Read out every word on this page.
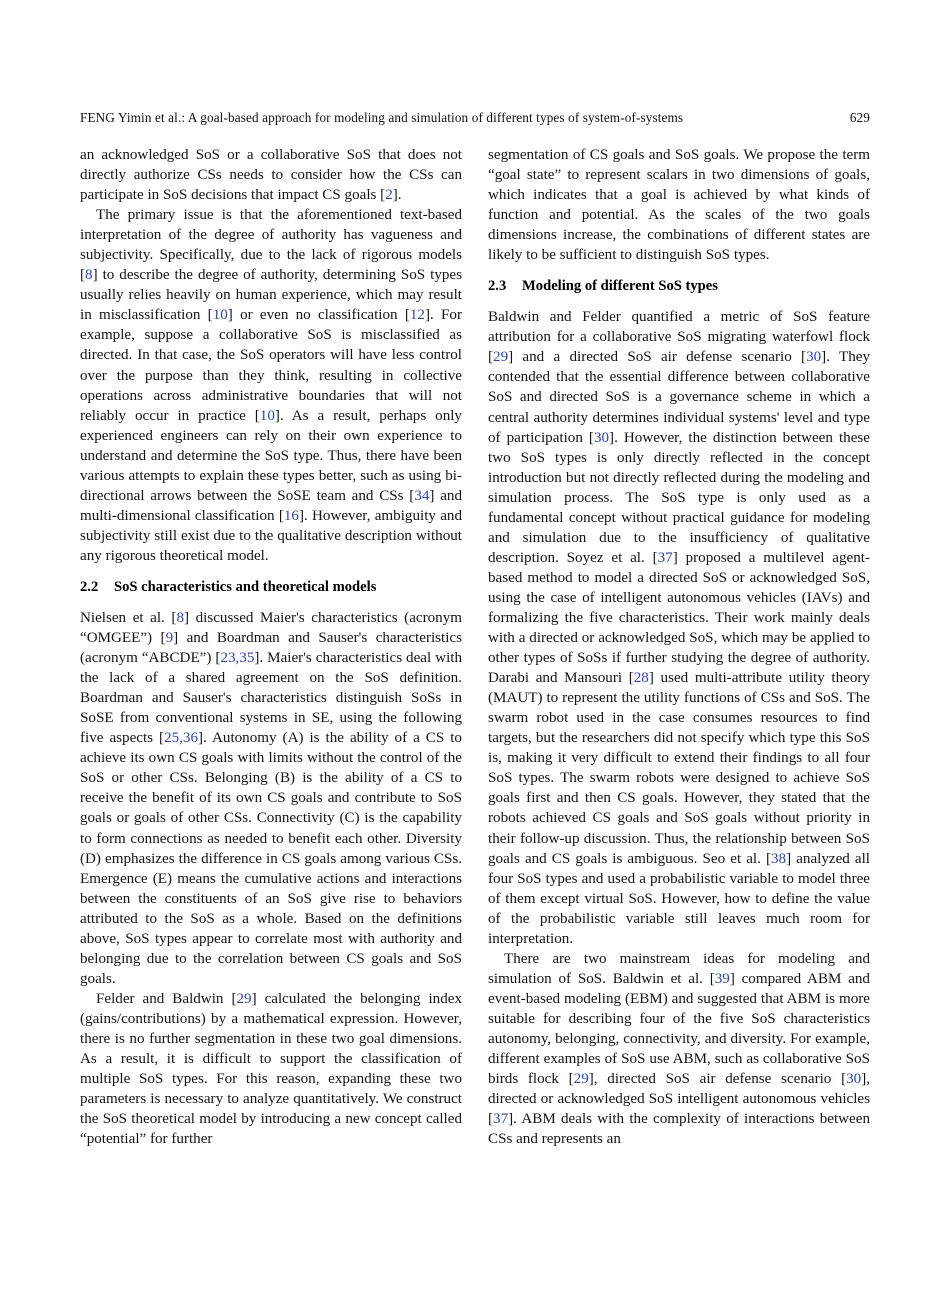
FENG Yimin et al.: A goal-based approach for modeling and simulation of different types of system-of-systems	629

an acknowledged SoS or a collaborative SoS that does not directly authorize CSs needs to consider how the CSs can participate in SoS decisions that impact CS goals [2].

The primary issue is that the aforementioned text-based interpretation of the degree of authority has vagueness and subjectivity. Specifically, due to the lack of rigorous models [8] to describe the degree of authority, determining SoS types usually relies heavily on human experience, which may result in misclassification [10] or even no classification [12]. For example, suppose a collaborative SoS is misclassified as directed. In that case, the SoS operators will have less control over the purpose than they think, resulting in collective operations across administrative boundaries that will not reliably occur in practice [10]. As a result, perhaps only experienced engineers can rely on their own experience to understand and determine the SoS type. Thus, there have been various attempts to explain these types better, such as using bi-directional arrows between the SoSE team and CSs [34] and multi-dimensional classification [16]. However, ambiguity and subjectivity still exist due to the qualitative description without any rigorous theoretical model.

2.2 SoS characteristics and theoretical models

Nielsen et al. [8] discussed Maier's characteristics (acronym “OMGEE”) [9] and Boardman and Sauser's characteristics (acronym “ABCDE”) [23,35]. Maier's characteristics deal with the lack of a shared agreement on the SoS definition. Boardman and Sauser's characteristics distinguish SoSs in SoSE from conventional systems in SE, using the following five aspects [25,36]. Autonomy (A) is the ability of a CS to achieve its own CS goals with limits without the control of the SoS or other CSs. Belonging (B) is the ability of a CS to receive the benefit of its own CS goals and contribute to SoS goals or goals of other CSs. Connectivity (C) is the capability to form connections as needed to benefit each other. Diversity (D) emphasizes the difference in CS goals among various CSs. Emergence (E) means the cumulative actions and interactions between the constituents of an SoS give rise to behaviors attributed to the SoS as a whole. Based on the definitions above, SoS types appear to correlate most with authority and belonging due to the correlation between CS goals and SoS goals.

Felder and Baldwin [29] calculated the belonging index (gains/contributions) by a mathematical expression. However, there is no further segmentation in these two goal dimensions. As a result, it is difficult to support the classification of multiple SoS types. For this reason, expanding these two parameters is necessary to analyze quantitatively. We construct the SoS theoretical model by introducing a new concept called “potential” for further

segmentation of CS goals and SoS goals. We propose the term “goal state” to represent scalars in two dimensions of goals, which indicates that a goal is achieved by what kinds of function and potential. As the scales of the two goals dimensions increase, the combinations of different states are likely to be sufficient to distinguish SoS types.

2.3 Modeling of different SoS types

Baldwin and Felder quantified a metric of SoS feature attribution for a collaborative SoS migrating waterfowl flock [29] and a directed SoS air defense scenario [30]. They contended that the essential difference between collaborative SoS and directed SoS is a governance scheme in which a central authority determines individual systems' level and type of participation [30]. However, the distinction between these two SoS types is only directly reflected in the concept introduction but not directly reflected during the modeling and simulation process. The SoS type is only used as a fundamental concept without practical guidance for modeling and simulation due to the insufficiency of qualitative description. Soyez et al. [37] proposed a multilevel agent-based method to model a directed SoS or acknowledged SoS, using the case of intelligent autonomous vehicles (IAVs) and formalizing the five characteristics. Their work mainly deals with a directed or acknowledged SoS, which may be applied to other types of SoSs if further studying the degree of authority. Darabi and Mansouri [28] used multi-attribute utility theory (MAUT) to represent the utility functions of CSs and SoS. The swarm robot used in the case consumes resources to find targets, but the researchers did not specify which type this SoS is, making it very difficult to extend their findings to all four SoS types. The swarm robots were designed to achieve SoS goals first and then CS goals. However, they stated that the robots achieved CS goals and SoS goals without priority in their follow-up discussion. Thus, the relationship between SoS goals and CS goals is ambiguous. Seo et al. [38] analyzed all four SoS types and used a probabilistic variable to model three of them except virtual SoS. However, how to define the value of the probabilistic variable still leaves much room for interpretation.

There are two mainstream ideas for modeling and simulation of SoS. Baldwin et al. [39] compared ABM and event-based modeling (EBM) and suggested that ABM is more suitable for describing four of the five SoS characteristics autonomy, belonging, connectivity, and diversity. For example, different examples of SoS use ABM, such as collaborative SoS birds flock [29], directed SoS air defense scenario [30], directed or acknowledged SoS intelligent autonomous vehicles [37]. ABM deals with the complexity of interactions between CSs and represents an
